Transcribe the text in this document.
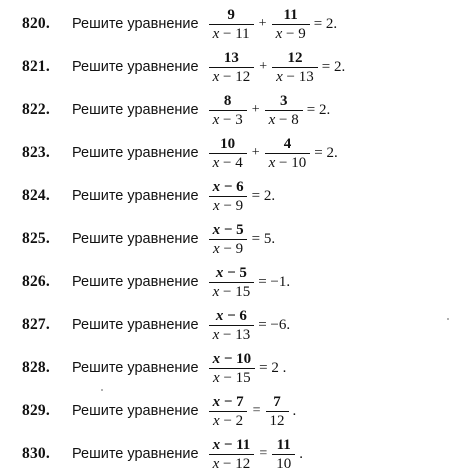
820.	Решите уравнение $\frac{9}{x - 11} + \frac{11}{x - 9} = 2$.
821.	Решите уравнение $\frac{13}{x - 12} + \frac{12}{x - 13} = 2$.
822.	Решите уравнение $\frac{8}{x - 3} + \frac{3}{x - 8} = 2$.
823.	Решите уравнение $\frac{10}{x - 4} + \frac{4}{x - 10} = 2$.
824.	Решите уравнение $\frac{x - 6}{x - 9} = 2$.
825.	Решите уравнение $\frac{x - 5}{x - 9} = 5$.
826.	Решите уравнение $\frac{x - 5}{x - 15} = -1$.
827.	Решите уравнение $\frac{x - 6}{x - 13} = -6$.
828.	Решите уравнение $\frac{x - 10}{x - 15} = 2$ .
829.	Решите уравнение $\frac{x - 7}{x - 2} = \frac{7}{12}$ .
830.	Решите уравнение $\frac{x - 11}{x - 12} = \frac{11}{10}$ .
